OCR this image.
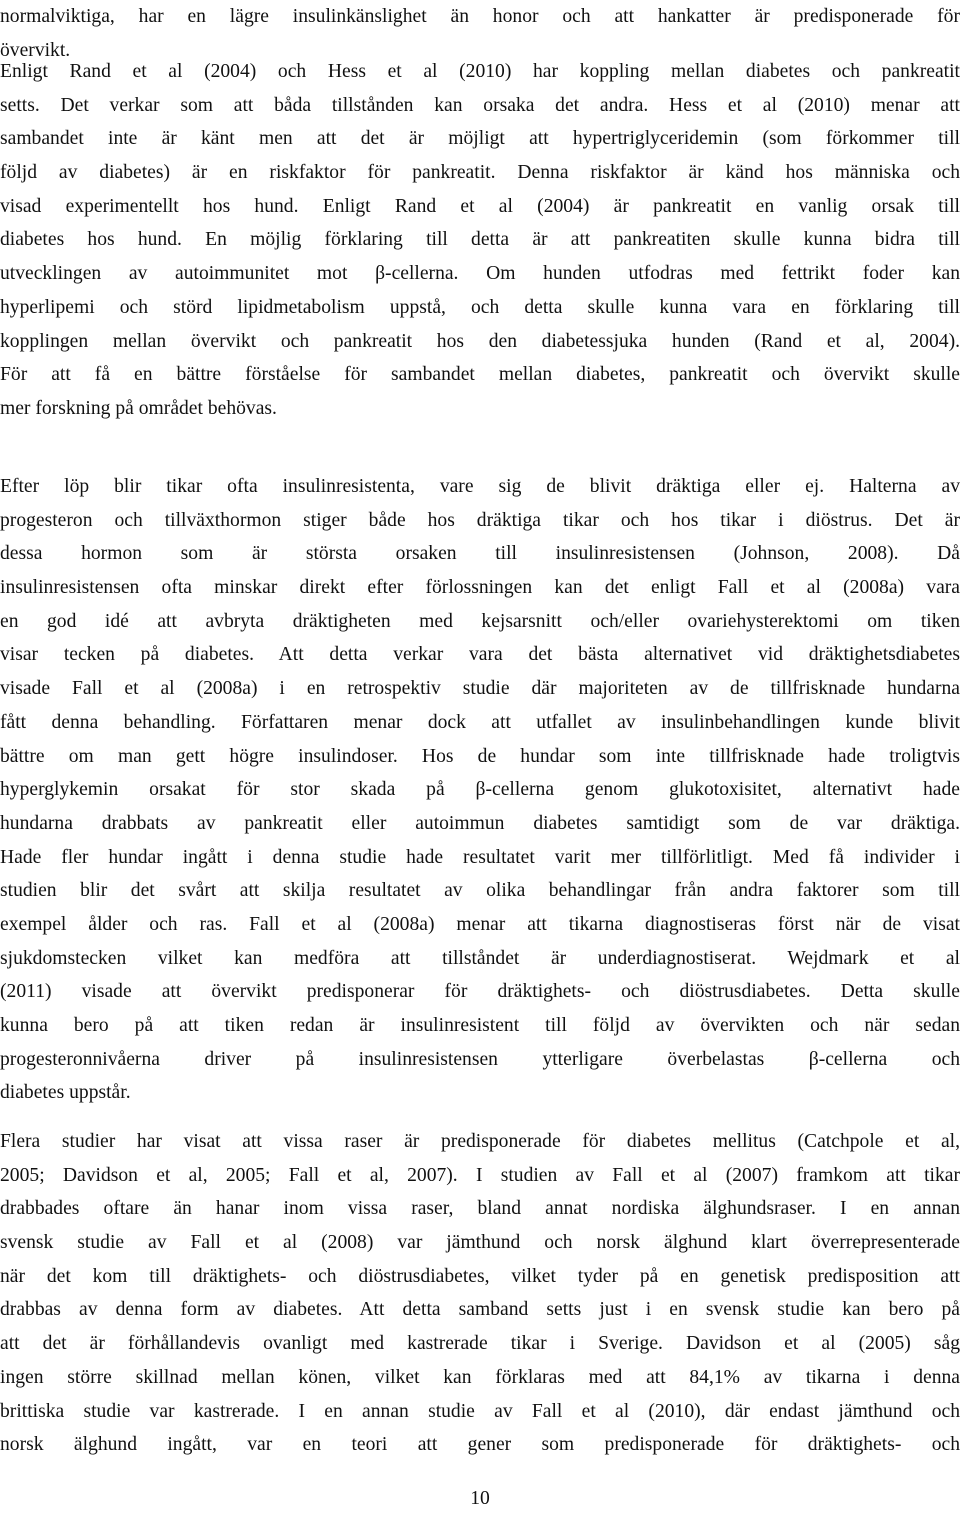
normalviktiga, har en lägre insulinkänslighet än honor och att hankatter är predisponerade för
övervikt.
Enligt Rand et al (2004) och Hess et al (2010) har koppling mellan diabetes och pankreatit
setts. Det verkar som att båda tillstånden kan orsaka det andra. Hess et al (2010) menar att
sambandet inte är känt men att det är möjligt att hypertriglyceridemin (som förkommer till
följd av diabetes) är en riskfaktor för pankreatit. Denna riskfaktor är känd hos människa och
visad experimentellt hos hund. Enligt Rand et al (2004) är pankreatit en vanlig orsak till
diabetes hos hund. En möjlig förklaring till detta är att pankreatiten skulle kunna bidra till
utvecklingen av autoimmunitet mot β-cellerna. Om hunden utfodras med fettrikt foder kan
hyperlipemi och störd lipidmetabolism uppstå, och detta skulle kunna vara en förklaring till
kopplingen mellan övervikt och pankreatit hos den diabetessjuka hunden (Rand et al, 2004).
För att få en bättre förståelse för sambandet mellan diabetes, pankreatit och övervikt skulle
mer forskning på området behövas.
Efter löp blir tikar ofta insulinresistenta, vare sig de blivit dräktiga eller ej. Halterna av
progesteron och tillväxthormon stiger både hos dräktiga tikar och hos tikar i diöstrus. Det är
dessa hormon som är största orsaken till insulinresistensen (Johnson, 2008). Då
insulinresistensen ofta minskar direkt efter förlossningen kan det enligt Fall et al (2008a) vara
en god idé att avbryta dräktigheten med kejsarsnitt och/eller ovariehysterektomi om tiken
visar tecken på diabetes. Att detta verkar vara det bästa alternativet vid dräktighetsdiabetes
visade Fall et al (2008a) i en retrospektiv studie där majoriteten av de tillfrisknade hundarna
fått denna behandling. Författaren menar dock att utfallet av insulinbehandlingen kunde blivit
bättre om man gett högre insulindoser. Hos de hundar som inte tillfrisknade hade troligtvis
hyperglykemin orsakat för stor skada på β-cellerna genom glukotoxisitet, alternativt hade
hundarna drabbats av pankreatit eller autoimmun diabetes samtidigt som de var dräktiga.
Hade fler hundar ingått i denna studie hade resultatet varit mer tillförlitligt. Med få individer i
studien blir det svårt att skilja resultatet av olika behandlingar från andra faktorer som till
exempel ålder och ras. Fall et al (2008a) menar att tikarna diagnostiseras först när de visat
sjukdomstecken vilket kan medföra att tillståndet är underdiagnostiserat. Wejdmark et al
(2011) visade att övervikt predisponerar för dräktighets- och diöstrusdiabetes. Detta skulle
kunna bero på att tiken redan är insulinresistent till följd av övervikten och när sedan
progesteronnivåerna driver på insulinresistensen ytterligare överbelastas β-cellerna och
diabetes uppstår.
Flera studier har visat att vissa raser är predisponerade för diabetes mellitus (Catchpole et al,
2005; Davidson et al, 2005; Fall et al, 2007). I studien av Fall et al (2007) framkom att tikar
drabbades oftare än hanar inom vissa raser, bland annat nordiska älghundsraser. I en annan
svensk studie av Fall et al (2008) var jämthund och norsk älghund klart överrepresenterade
när det kom till dräktighets- och diöstrusdiabetes, vilket tyder på en genetisk predisposition att
drabbas av denna form av diabetes. Att detta samband setts just i en svensk studie kan bero på
att det är förhållandevis ovanligt med kastrerade tikar i Sverige. Davidson et al (2005) såg
ingen större skillnad mellan könen, vilket kan förklaras med att 84,1% av tikarna i denna
brittiska studie var kastrerade. I en annan studie av Fall et al (2010), där endast jämthund och
norsk älghund ingått, var en teori att gener som predisponerade för dräktighets- och
10
